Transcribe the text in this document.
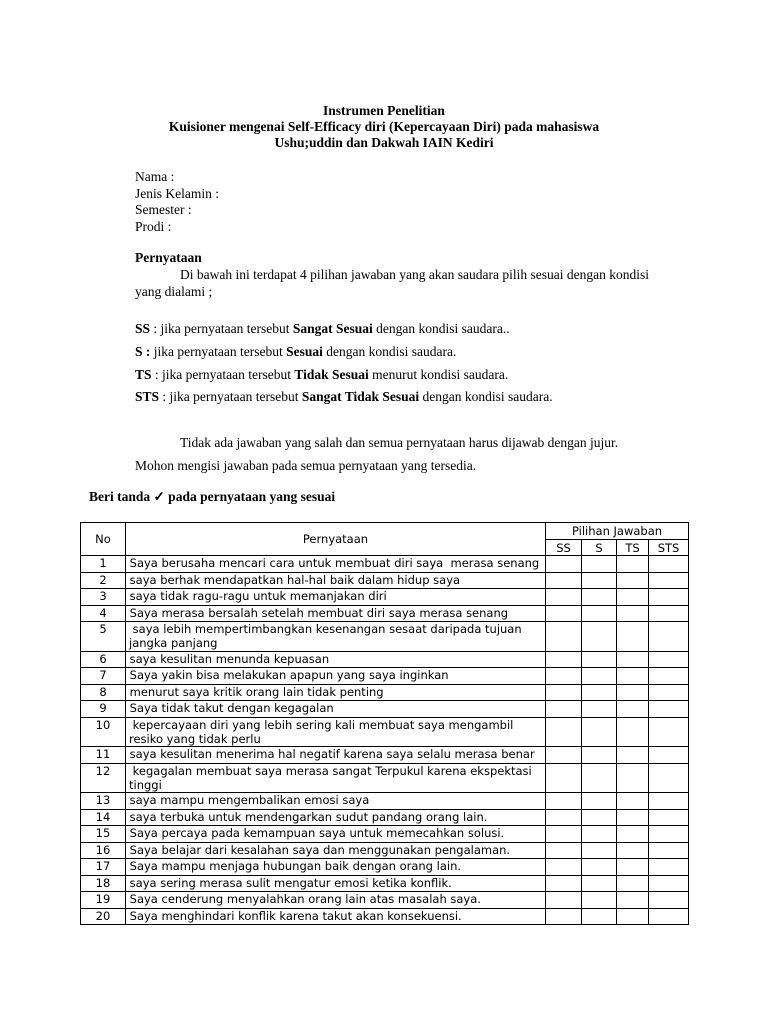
Instrumen Penelitian
Kuisioner mengenai Self-Efficacy diri (Kepercayaan Diri) pada mahasiswa
Ushu;uddin dan Dakwah IAIN Kediri
Nama :
Jenis Kelamin :
Semester :
Prodi :
Pernyataan
Di bawah ini terdapat 4 pilihan jawaban yang akan saudara pilih sesuai dengan kondisi yang dialami ;
SS : jika pernyataan tersebut Sangat Sesuai dengan kondisi saudara..
S : jika pernyataan tersebut Sesuai dengan kondisi saudara.
TS : jika pernyataan tersebut Tidak Sesuai menurut kondisi saudara.
STS : jika pernyataan tersebut Sangat Tidak Sesuai dengan kondisi saudara.
Tidak ada jawaban yang salah dan semua pernyataan harus dijawab dengan jujur.
Mohon mengisi jawaban pada semua pernyataan yang tersedia.
Beri tanda ✓ pada pernyataan yang sesuai
No	Pernyataan	Pilihan Jawaban			
		SS	S	TS	STS
1	Saya berusaha mencari cara untuk membuat diri saya  merasa senang				
2	saya berhak mendapatkan hal-hal baik dalam hidup saya				
3	saya tidak ragu-ragu untuk memanjakan diri				
4	Saya merasa bersalah setelah membuat diri saya merasa senang				
5	saya lebih mempertimbangkan kesenangan sesaat daripada tujuan jangka panjang				
6	saya kesulitan menunda kepuasan				
7	Saya yakin bisa melakukan apapun yang saya inginkan				
8	menurut saya kritik orang lain tidak penting				
9	Saya tidak takut dengan kegagalan				
10	kepercayaan diri yang lebih sering kali membuat saya mengambil resiko yang tidak perlu				
11	saya kesulitan menerima hal negatif karena saya selalu merasa benar				
12	kegagalan membuat saya merasa sangat Terpukul karena ekspektasi tinggi				
13	saya mampu mengembalikan emosi saya				
14	saya terbuka untuk mendengarkan sudut pandang orang lain.				
15	Saya percaya pada kemampuan saya untuk memecahkan solusi.				
16	Saya belajar dari kesalahan saya dan menggunakan pengalaman.				
17	Saya mampu menjaga hubungan baik dengan orang lain.				
18	saya sering merasa sulit mengatur emosi ketika konflik.				
19	Saya cenderung menyalahkan orang lain atas masalah saya.				
20	Saya menghindari konflik karena takut akan konsekuensi.				
